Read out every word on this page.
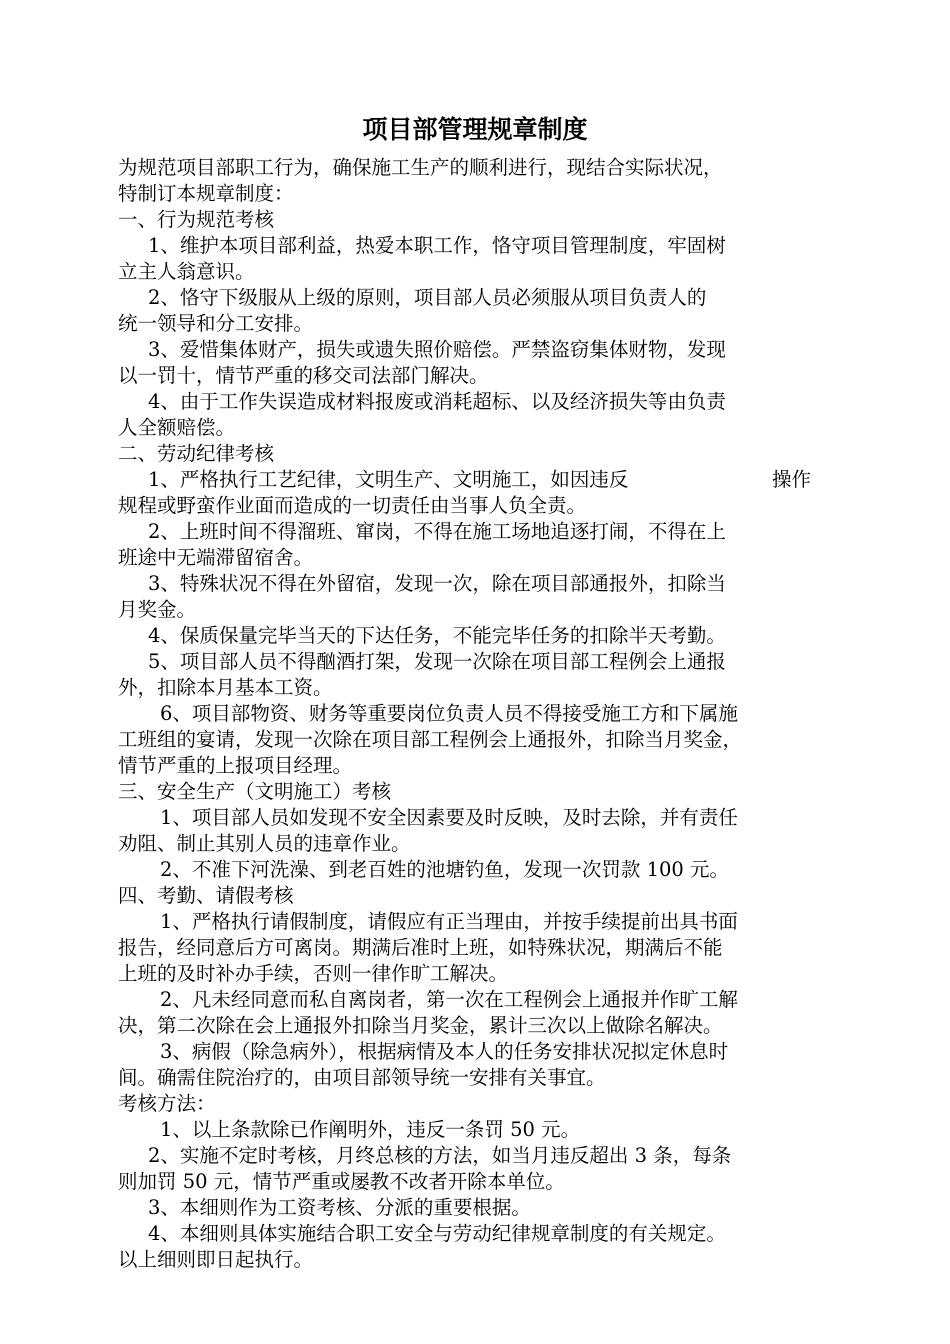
项目部管理规章制度
为规范项目部职工行为，确保施工生产的顺利进行，现结合实际状况，
特制订本规章制度：
一、行为规范考核
1、维护本项目部利益，热爱本职工作，恪守项目管理制度，牢固树
立主人翁意识。
2、恪守下级服从上级的原则，项目部人员必须服从项目负责人的
统一领导和分工安排。
3、爱惜集体财产，损失或遗失照价赔偿。严禁盗窃集体财物，发现
以一罚十，情节严重的移交司法部门解决。
4、由于工作失误造成材料报废或消耗超标、以及经济损失等由负责
人全额赔偿。
二、劳动纪律考核
1、严格执行工艺纪律，文明生产、文明施工，如因违反	操作
规程或野蛮作业面而造成的一切责任由当事人负全责。
2、上班时间不得溜班、窜岗，不得在施工场地追逐打闹，不得在上
班途中无端滞留宿舍。
3、特殊状况不得在外留宿，发现一次，除在项目部通报外，扣除当
月奖金。
4、保质保量完毕当天的下达任务，不能完毕任务的扣除半天考勤。
5、项目部人员不得酗酒打架，发现一次除在项目部工程例会上通报
外，扣除本月基本工资。
6、项目部物资、财务等重要岗位负责人员不得接受施工方和下属施
工班组的宴请，发现一次除在项目部工程例会上通报外，扣除当月奖金，
情节严重的上报项目经理。
三、安全生产（文明施工）考核
1、项目部人员如发现不安全因素要及时反映，及时去除，并有责任
劝阻、制止其别人员的违章作业。
2、不准下河洗澡、到老百姓的池塘钓鱼，发现一次罚款 100 元。
四、考勤、请假考核
1、严格执行请假制度，请假应有正当理由，并按手续提前出具书面
报告，经同意后方可离岗。期满后准时上班，如特殊状况，期满后不能
上班的及时补办手续，否则一律作旷工解决。
2、凡未经同意而私自离岗者，第一次在工程例会上通报并作旷工解
决，第二次除在会上通报外扣除当月奖金，累计三次以上做除名解决。
3、病假（除急病外），根据病情及本人的任务安排状况拟定休息时
间。确需住院治疗的，由项目部领导统一安排有关事宜。
考核方法：
1、以上条款除已作阐明外，违反一条罚 50 元。
2、实施不定时考核，月终总核的方法，如当月违反超出 3 条，每条
则加罚 50 元，情节严重或屡教不改者开除本单位。
3、本细则作为工资考核、分派的重要根据。
4、本细则具体实施结合职工安全与劳动纪律规章制度的有关规定。
以上细则即日起执行。
